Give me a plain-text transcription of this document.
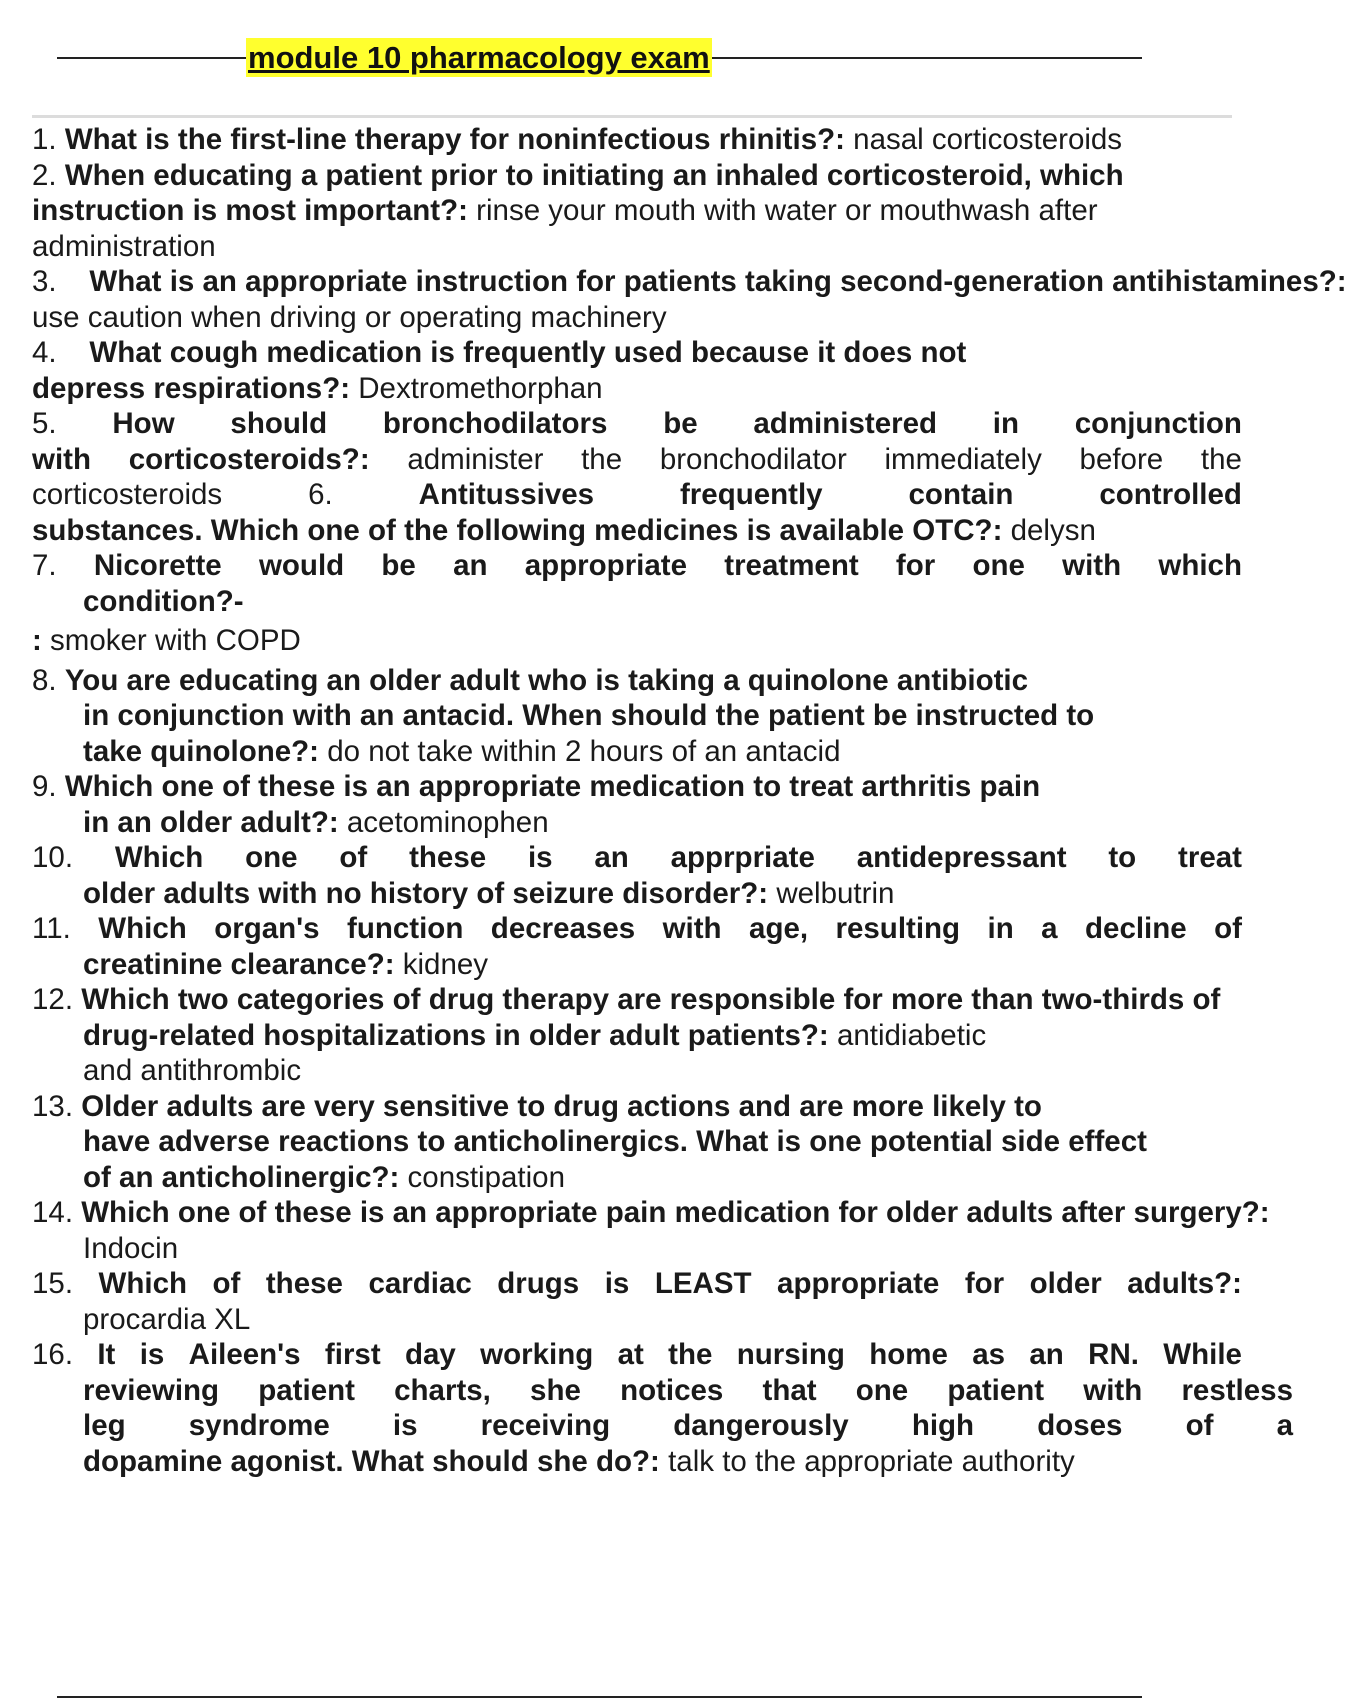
module 10 pharmacology exam
1. What is the first-line therapy for noninfectious rhinitis?: nasal corticosteroids
2. When educating a patient prior to initiating an inhaled corticosteroid, which
instruction is most important?: rinse your mouth with water or mouthwash after
administration
3.    What is an appropriate instruction for patients taking second-generation antihistamines?:
use caution when driving or operating machinery
4.    What cough medication is frequently used because it does not
depress respirations?: Dextromethorphan
5. How should bronchodilators be administered in conjunction
with corticosteroids?: administer the bronchodilator immediately before the
corticosteroids	6.	Antitussives	frequently	contain	controlled
substances. Which one of the following medicines is available OTC?: delysn
7. Nicorette would be an appropriate treatment for one with which
condition?-
: smoker with COPD
8. You are educating an older adult who is taking a quinolone antibiotic
in conjunction with an antacid. When should the patient be instructed to
take quinolone?: do not take within 2 hours of an antacid
9. Which one of these is an appropriate medication to treat arthritis pain
in an older adult?: acetominophen
10. Which one of these is an apprpriate antidepressant to treat
older adults with no history of seizure disorder?: welbutrin
11. Which organ's function decreases with age, resulting in a decline of
creatinine clearance?: kidney
12. Which two categories of drug therapy are responsible for more than two-thirds of
drug-related hospitalizations in older adult patients?: antidiabetic
and antithrombic
13. Older adults are very sensitive to drug actions and are more likely to
have adverse reactions to anticholinergics. What is one potential side effect
of an anticholinergic?: constipation
14. Which one of these is an appropriate pain medication for older adults after surgery?:
Indocin
15. Which of these cardiac drugs is LEAST appropriate for older adults?:
procardia XL
16. It is Aileen's first day working at the nursing home as an RN. While
reviewing patient charts, she notices that one patient with restless
leg syndrome is receiving dangerously high doses of a
dopamine agonist. What should she do?: talk to the appropriate authority
